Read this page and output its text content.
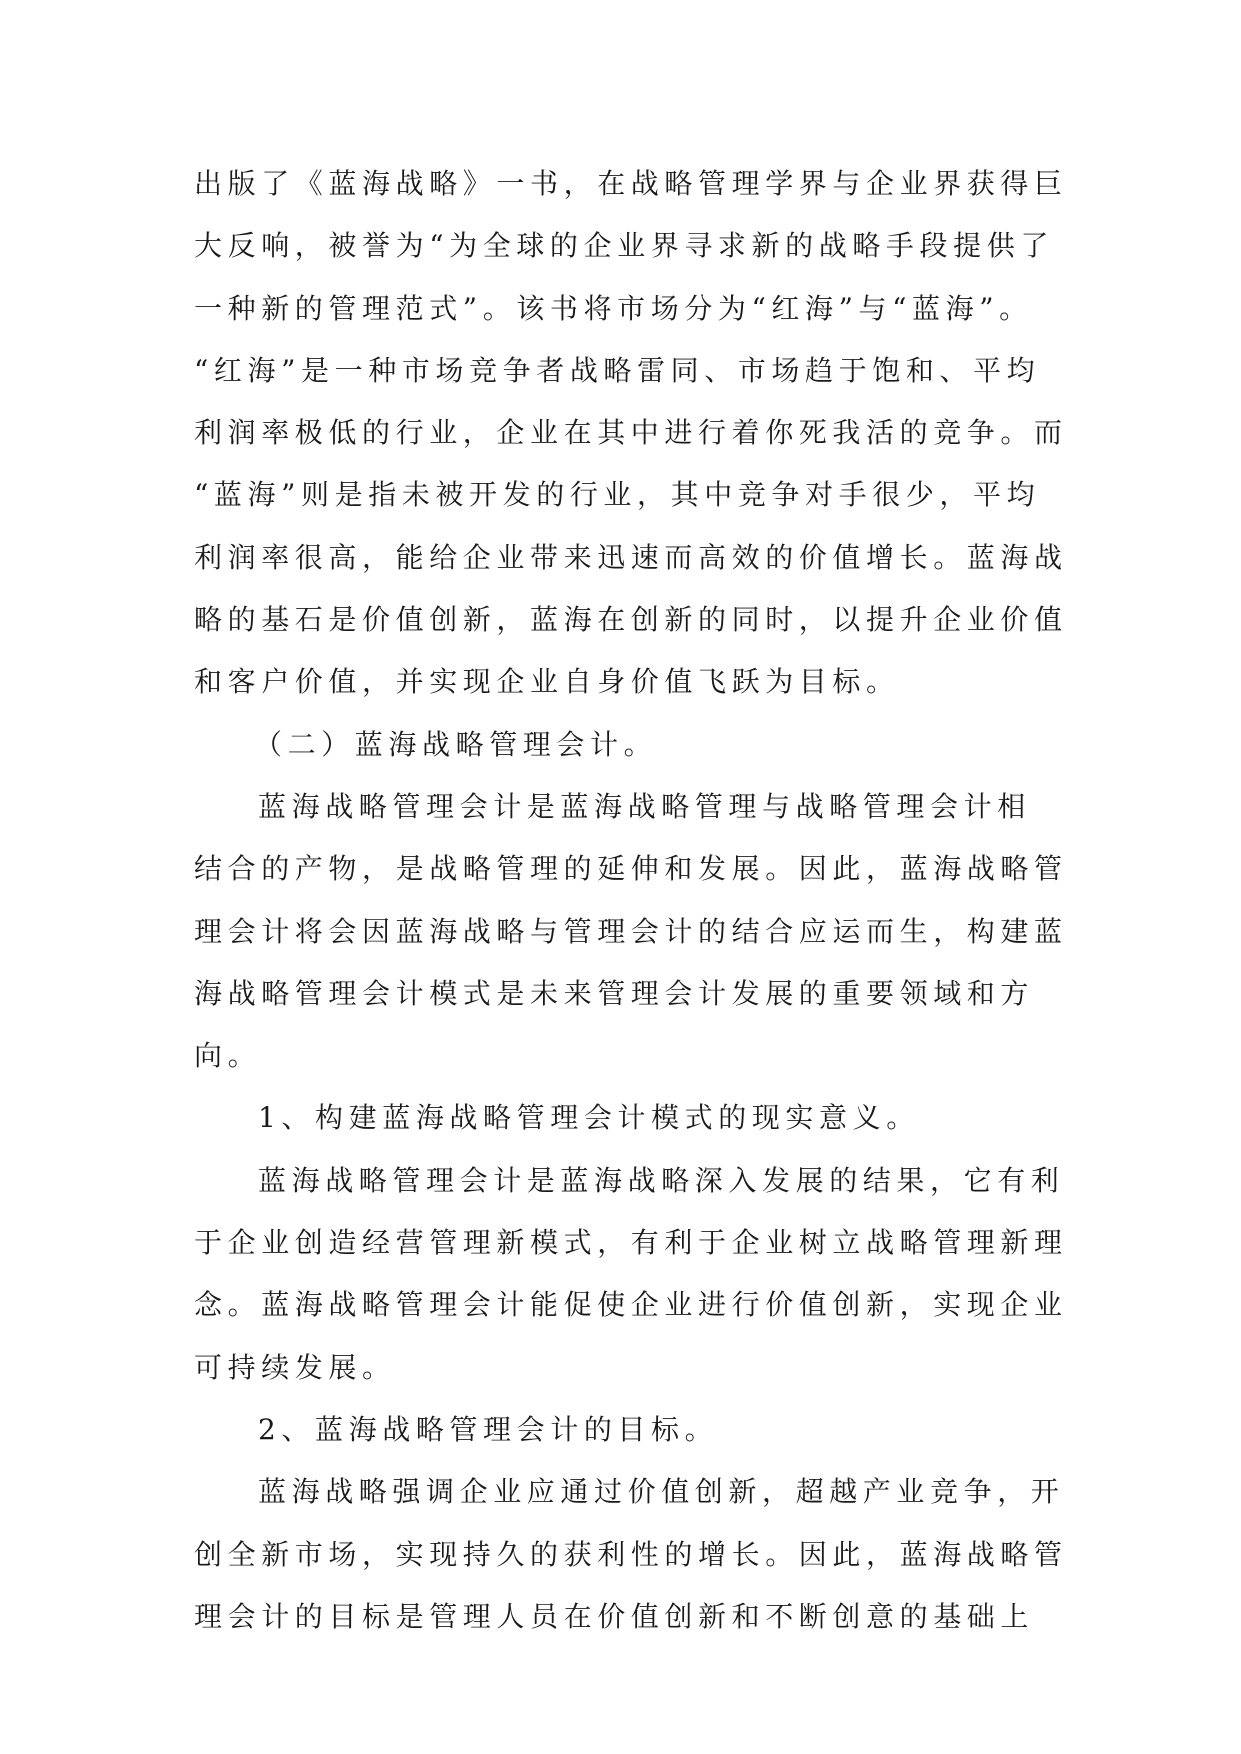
出版了《蓝海战略》一书，在战略管理学界与企业界获得巨
大反响，被誉为“为全球的企业界寻求新的战略手段提供了
一种新的管理范式”。该书将市场分为“红海”与“蓝海”。
“红海”是一种市场竞争者战略雷同、市场趋于饱和、平均
利润率极低的行业，企业在其中进行着你死我活的竞争。而
“蓝海”则是指未被开发的行业，其中竞争对手很少，平均
利润率很高，能给企业带来迅速而高效的价值增长。蓝海战
略的基石是价值创新，蓝海在创新的同时，以提升企业价值
和客户价值，并实现企业自身价值飞跃为目标。
（二）蓝海战略管理会计。
蓝海战略管理会计是蓝海战略管理与战略管理会计相
结合的产物，是战略管理的延伸和发展。因此，蓝海战略管
理会计将会因蓝海战略与管理会计的结合应运而生，构建蓝
海战略管理会计模式是未来管理会计发展的重要领域和方
向。
1、构建蓝海战略管理会计模式的现实意义。
蓝海战略管理会计是蓝海战略深入发展的结果，它有利
于企业创造经营管理新模式，有利于企业树立战略管理新理
念。蓝海战略管理会计能促使企业进行价值创新，实现企业
可持续发展。
2、蓝海战略管理会计的目标。
蓝海战略强调企业应通过价值创新，超越产业竞争，开
创全新市场，实现持久的获利性的增长。因此，蓝海战略管
理会计的目标是管理人员在价值创新和不断创意的基础上
